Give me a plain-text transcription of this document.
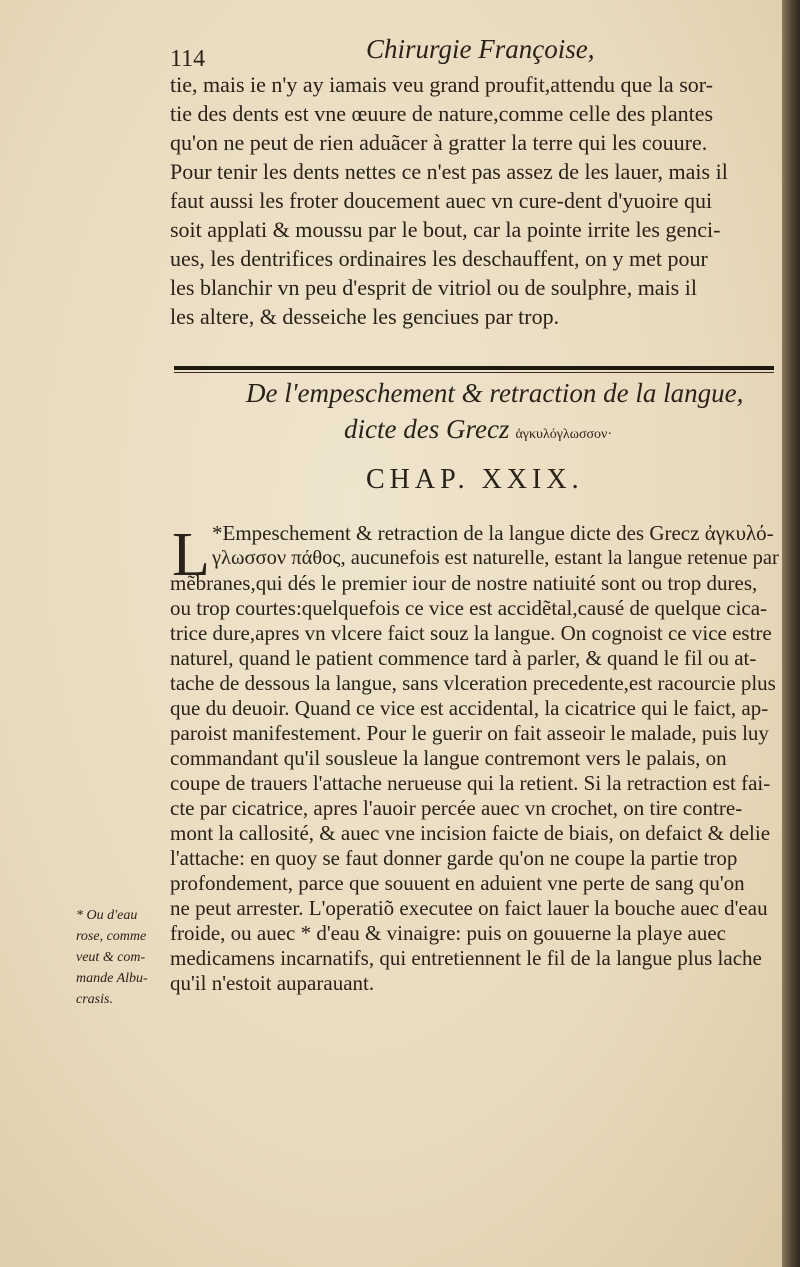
114	Chirurgie Françoise,
tie, mais ie n'y ay iamais veu grand proufit,attendu que la sor-
tie des dents est vne œuure de nature,comme celle des plantes
qu'on ne peut de rien aduãcer à gratter la terre qui les couure.
Pour tenir les dents nettes ce n'est pas assez de les lauer, mais il
faut aussi les froter doucement auec vn cure-dent d'yuoire qui
soit applati & moussu par le bout, car la pointe irrite les genci-
ues, les dentrifices ordinaires les deschauffent, on y met pour
les blanchir vn peu d'esprit de vitriol ou de soulphre, mais il
les altere, & desseiche les genciues par trop.
De l'empeschement & retraction de la langue,
dicte des Grecz ἀγκυλόγλωσσον·
CHAP. XXIX.
L *Empeschement & retraction de la langue dicte des Grecz ἀγκυλό-
γλωσσον πάθος, aucunefois est naturelle, estant la langue retenue par
mẽbranes,qui dés le premier iour de nostre natiuité sont ou trop dures,
ou trop courtes:quelquefois ce vice est accidẽtal,causé de quelque cica-
trice dure,apres vn vlcere faict souz la langue. On cognoist ce vice estre
naturel, quand le patient commence tard à parler, & quand le fil ou at-
tache de dessous la langue, sans vlceration precedente,est racourcie plus
que du deuoir. Quand ce vice est accidental, la cicatrice qui le faict, ap-
paroist manifestement. Pour le guerir on fait asseoir le malade, puis luy
commandant qu'il sousleue la langue contremont vers le palais, on
coupe de trauers l'attache nerueuse qui la retient. Si la retraction est fai-
cte par cicatrice, apres l'auoir percée auec vn crochet, on tire contre-
mont la callosité, & auec vne incision faicte de biais, on defaict & delie
l'attache: en quoy se faut donner garde qu'on ne coupe la partie trop
profondement, parce que souuent en aduient vne perte de sang qu'on
ne peut arrester. L'operatiõ executee on faict lauer la bouche auec d'eau
froide, ou auec * d'eau & vinaigre: puis on gouuerne la playe auec
medicamens incarnatifs, qui entretiennent le fil de la langue plus lache
qu'il n'estoit auparauant.
* Ou d'eau
rose, comme
veut & com-
mande Albu-
crasis.
